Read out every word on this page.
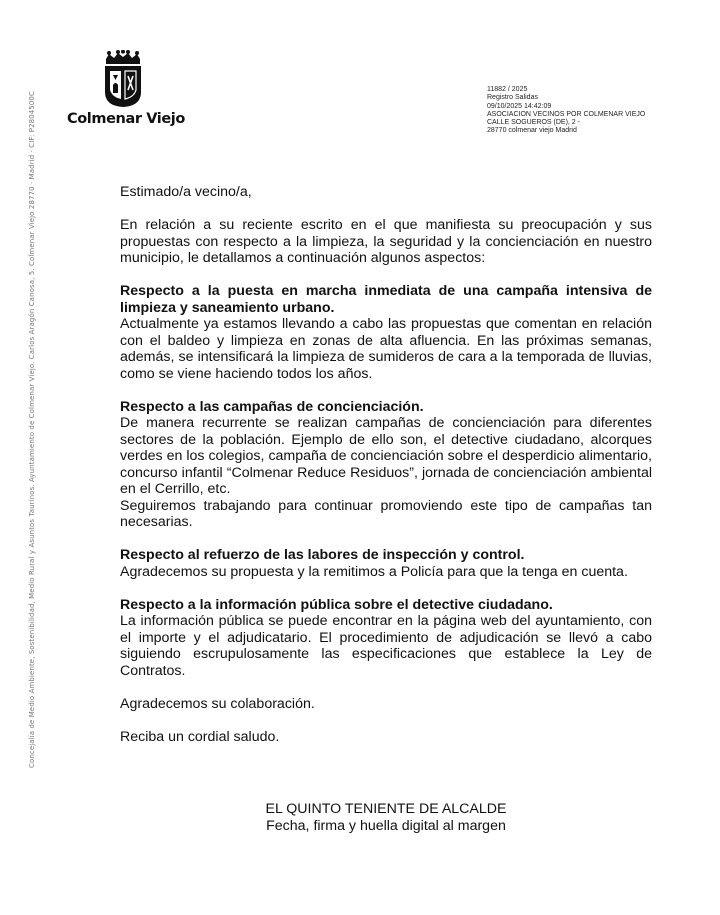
Colmenar Viejo
11882 / 2025
Registro Salidas
09/10/2025 14:42:09
ASOCIACION VECINOS POR COLMENAR VIEJO
CALLE SOGUEROS (DE), 2 -
28770 colmenar viejo Madrid
Concejalía de Medio Ambiente, Sostenibilidad, Medio Rural y Asuntos Taurinos. Ayuntamiento de Colmenar Viejo. Carlos Aragón Canosa, 5. Colmenar Viejo 28770 · Madrid · CIF: P2804500C	Estimado/a vecino/a,

En relación a su reciente escrito en el que manifiesta su preocupación y sus propuestas con respecto a la limpieza, la seguridad y la concienciación en nuestro municipio, le detallamos a continuación algunos aspectos:

Respecto a la puesta en marcha inmediata de una campaña intensiva de limpieza y saneamiento urbano.

Actualmente ya estamos llevando a cabo las propuestas que comentan en relación con el baldeo y limpieza en zonas de alta afluencia. En las próximas semanas, además, se intensificará la limpieza de sumideros de cara a la temporada de lluvias, como se viene haciendo todos los años.

Respecto a las campañas de concienciación.

De manera recurrente se realizan campañas de concienciación para diferentes sectores de la población. Ejemplo de ello son, el detective ciudadano, alcorques verdes en los colegios, campaña de concienciación sobre el desperdicio alimentario, concurso infantil “Colmenar Reduce Residuos”, jornada de concienciación ambiental en el Cerrillo, etc.

Seguiremos trabajando para continuar promoviendo este tipo de campañas tan necesarias.

Respecto al refuerzo de las labores de inspección y control.

Agradecemos su propuesta y la remitimos a Policía para que la tenga en cuenta.

Respecto a la información pública sobre el detective ciudadano.

La información pública se puede encontrar en la página web del ayuntamiento, con el importe y el adjudicatario. El procedimiento de adjudicación se llevó a cabo siguiendo escrupulosamente las especificaciones que establece la Ley de Contratos.

Agradecemos su colaboración.

Reciba un cordial saludo.

EL QUINTO TENIENTE DE ALCALDE
Fecha, firma y huella digital al margen
